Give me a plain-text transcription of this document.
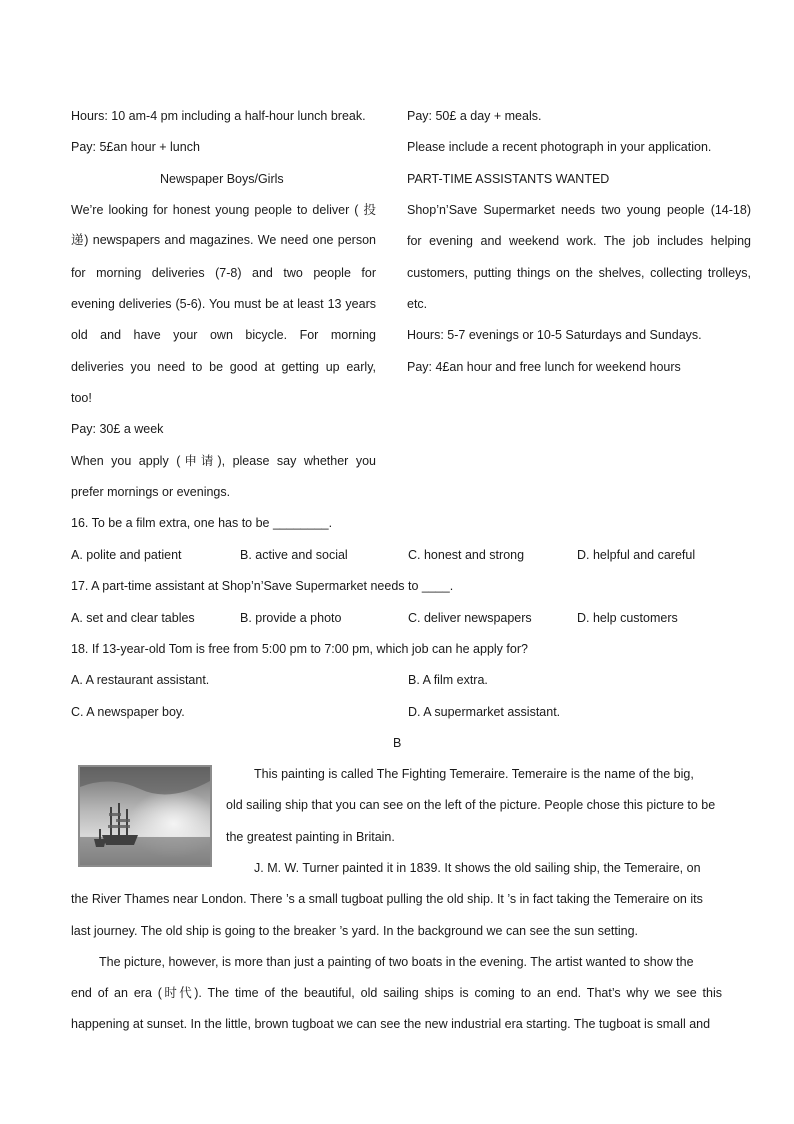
Hours: 10 am-4 pm including a half-hour lunch break.
Pay: 5£an hour + lunch
Newspaper Boys/Girls
We’re looking for honest young people to deliver ( 投
递) newspapers and magazines. We need one person
for morning deliveries (7-8) and two people for
evening deliveries (5-6). You must be at least 13 years
old and have your own bicycle. For morning
deliveries you need to be good at getting up early,
too!
Pay: 30£ a week
When you apply (申请), please say whether you
prefer mornings or evenings.
Pay: 50£ a day + meals.
Please include a recent photograph in your application.
PART-TIME ASSISTANTS WANTED
Shop’n’Save Supermarket needs two young people (14-18)
for evening and weekend work. The job includes helping
customers, putting things on the shelves, collecting trolleys,
etc.
Hours: 5-7 evenings or 10-5 Saturdays and Sundays.
Pay: 4£an hour and free lunch for weekend hours
16. To be a film extra, one has to be ________.
A. polite and patient	B. active and social	C. honest and strong	D. helpful and careful
17. A part-time assistant at Shop’n’Save Supermarket needs to ____.
A. set and clear tables	B. provide a photo	C. deliver newspapers	D. help customers
18. If 13-year-old Tom is free from 5:00 pm to 7:00 pm, which job can he apply for?
A. A restaurant assistant.	B. A film extra.
C. A newspaper boy.	D. A supermarket assistant.
B
This painting is called The Fighting Temeraire. Temeraire is the name of the big,
old sailing ship that you can see on the left of the picture. People chose this picture to be
the greatest painting in Britain.
J. M. W. Turner painted it in 1839. It shows the old sailing ship, the Temeraire, on
the River Thames near London. There ’s a small tugboat pulling the old ship. It ’s in fact taking the Temeraire on its
last journey. The old ship is going to the breaker ’s yard. In the background we can see the sun setting.
The picture, however, is more than just a painting of two boats in the evening. The artist wanted to show the
end of an era (时代). The time of the beautiful, old sailing ships is coming to an end. That’s why we see this
happening at sunset. In the little, brown tugboat we can see the new industrial era starting. The tugboat is small and
